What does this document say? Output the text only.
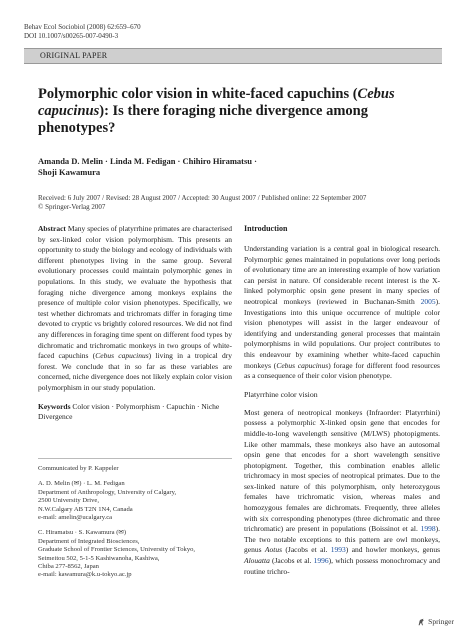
Behav Ecol Sociobiol (2008) 62:659–670
DOI 10.1007/s00265-007-0490-3
ORIGINAL PAPER
Polymorphic color vision in white-faced capuchins (Cebus capucinus): Is there foraging niche divergence among phenotypes?
Amanda D. Melin · Linda M. Fedigan · Chihiro Hiramatsu ·
Shoji Kawamura
Received: 6 July 2007 / Revised: 28 August 2007 / Accepted: 30 August 2007 / Published online: 22 September 2007
© Springer-Verlag 2007

Abstract Many species of platyrrhine primates are characterised by sex-linked color vision polymorphism. This presents an opportunity to study the biology and ecology of individuals with different phenotypes living in the same group. Several evolutionary processes could maintain polymorphic genes in populations. In this study, we evaluate the hypothesis that foraging niche divergence among monkeys explains the presence of multiple color vision phenotypes. Specifically, we test whether dichromats and trichromats differ in foraging time devoted to cryptic vs brightly colored resources. We did not find any differences in foraging time spent on different food types by dichromatic and trichromatic monkeys in two groups of white-faced capuchins (Cebus capucinus) living in a tropical dry forest. We conclude that in so far as these variables are concerned, niche divergence does not likely explain color vision polymorphism in our study population.

Keywords Color vision · Polymorphism · Capuchin · Niche Divergence

Communicated by P. Kappeler

A. D. Melin (✉) · L. M. Fedigan

Department of Anthropology, University of Calgary,

2500 University Drive,

N.W.Calgary AB T2N 1N4, Canada

e-mail: amelin@ucalgary.ca

C. Hiramatsu · S. Kawamura (✉)

Department of Integrated Biosciences,

Graduate School of Frontier Sciences, University of Tokyo,

Seimeitou 502, 5-1-5 Kashiwanoha, Kashiwa,

Chiba 277-8562, Japan

e-mail: kawamura@k.u-tokyo.ac.jp

Introduction

Understanding variation is a central goal in biological research. Polymorphic genes maintained in populations over long periods of evolutionary time are an interesting example of how variation can persist in nature. Of considerable recent interest is the X-linked polymorphic opsin gene present in many species of neotropical monkeys (reviewed in Buchanan-Smith 2005). Investigations into this unique occurrence of multiple color vision phenotypes will assist in the larger endeavour of identifying and understanding general processes that maintain polymorphisms in wild populations. Our project contributes to this endeavour by examining whether white-faced capuchin monkeys (Cebus capucinus) forage for different food resources as a consequence of their color vision phenotype.

Platyrrhine color vision

Most genera of neotropical monkeys (Infraorder: Platyrrhini) possess a polymorphic X-linked opsin gene that encodes for middle-to-long wavelength sensitive (M/LWS) photopigments. Like other mammals, these monkeys also have an autosomal opsin gene that encodes for a short wavelength sensitive photopigment. Together, this combination enables allelic trichromacy in most species of neotropical primates. Due to the sex-linked nature of this polymorphism, only heterozygous females have trichromatic vision, whereas males and homozygous females are dichromats. Frequently, three alleles with six corresponding phenotypes (three dichromatic and three trichromatic) are present in populations (Boissinot et al. 1998). The two notable exceptions to this pattern are owl monkeys, genus Aotus (Jacobs et al. 1993) and howler monkeys, genus Alouatta (Jacobs et al. 1996), which possess monochromacy and routine trichro-

Springer
